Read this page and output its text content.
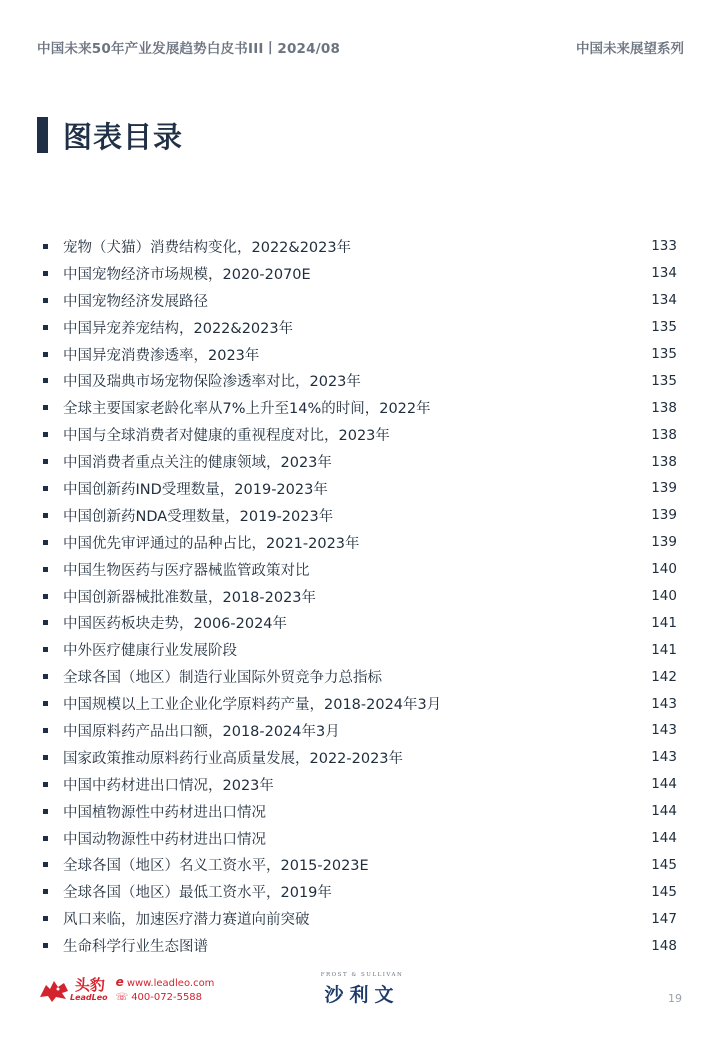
中国未来50年产业发展趋势白皮书III丨2024/08	中国未来展望系列
图表目录
宠物（犬猫）消费结构变化，2022&2023年	133
中国宠物经济市场规模，2020-2070E	134
中国宠物经济发展路径	134
中国异宠养宠结构，2022&2023年	135
中国异宠消费渗透率，2023年	135
中国及瑞典市场宠物保险渗透率对比，2023年	135
全球主要国家老龄化率从7%上升至14%的时间，2022年	138
中国与全球消费者对健康的重视程度对比，2023年	138
中国消费者重点关注的健康领域，2023年	138
中国创新药IND受理数量，2019-2023年	139
中国创新药NDA受理数量，2019-2023年	139
中国优先审评通过的品种占比，2021-2023年	139
中国生物医药与医疗器械监管政策对比	140
中国创新器械批准数量，2018-2023年	140
中国医药板块走势，2006-2024年	141
中外医疗健康行业发展阶段	141
全球各国（地区）制造行业国际外贸竞争力总指标	142
中国规模以上工业企业化学原料药产量，2018-2024年3月	143
中国原料药产品出口额，2018-2024年3月	143
国家政策推动原料药行业高质量发展，2022-2023年	143
中国中药材进出口情况，2023年	144
中国植物源性中药材进出口情况	144
中国动物源性中药材进出口情况	144
全球各国（地区）名义工资水平，2015-2023E	145
全球各国（地区）最低工资水平，2019年	145
风口来临，加速医疗潜力赛道向前突破	147
生命科学行业生态图谱	148
头豹
LeadLeo
e www.leadleo.com
☏ 400-072-5588
FROST & SULLIVAN
沙利文	19
